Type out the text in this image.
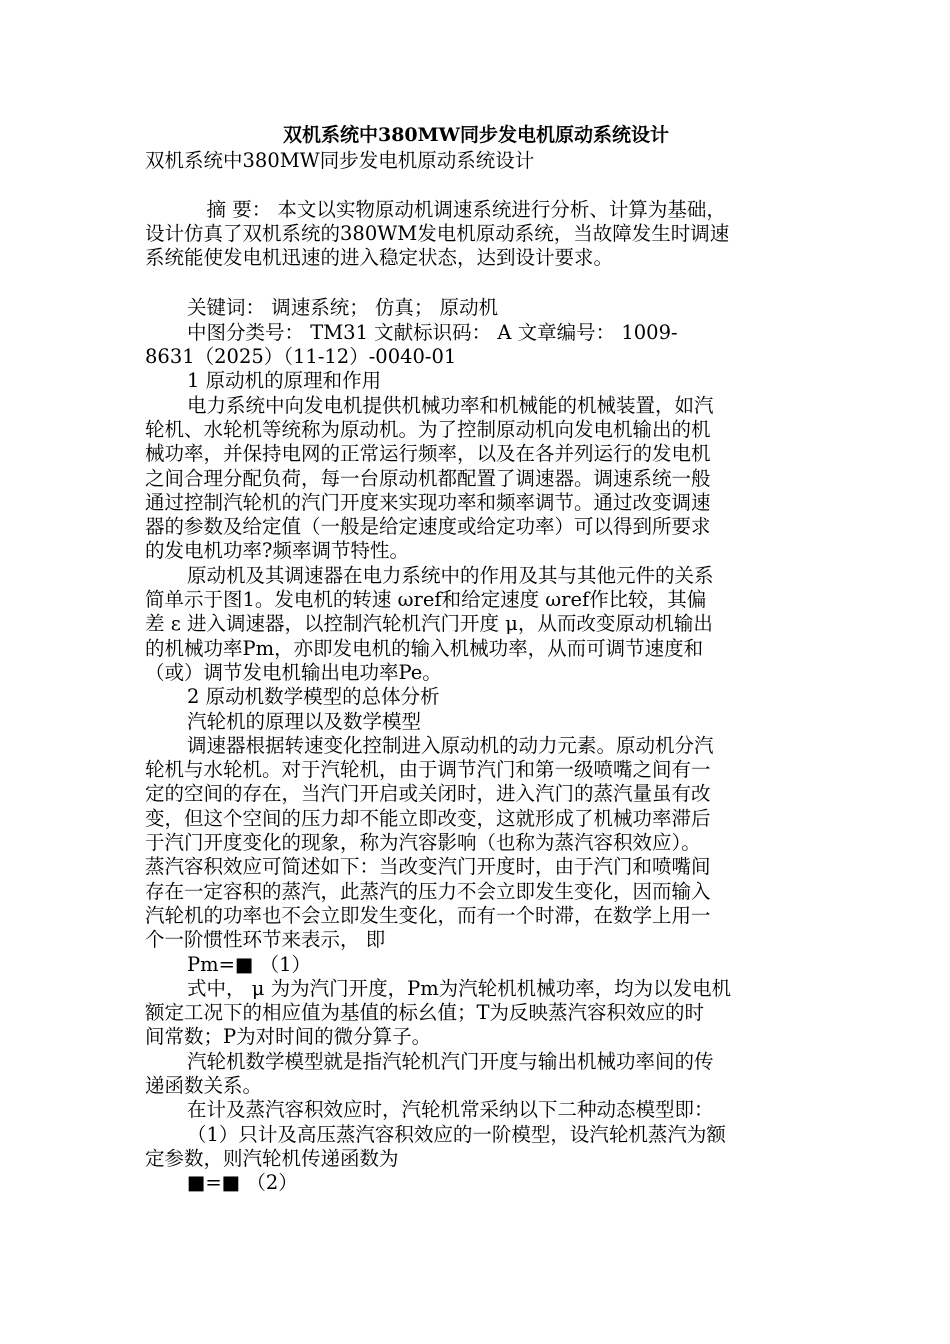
双机系统中380MW同步发电机原动系统设计
双机系统中380MW同步发电机原动系统设计
　摘 要： 本文以实物原动机调速系统进行分析、计算为基础，
设计仿真了双机系统的380WM发电机原动系统，当故障发生时调速
系统能使发电机迅速的进入稳定状态，达到设计要求。
关键词： 调速系统； 仿真； 原动机
中图分类号： TM31 文献标识码： A 文章编号： 1009-
8631（2025）（11-12）-0040-01
1 原动机的原理和作用
电力系统中向发电机提供机械功率和机械能的机械装置，如汽
轮机、水轮机等统称为原动机。为了控制原动机向发电机输出的机
械功率，并保持电网的正常运行频率，以及在各并列运行的发电机
之间合理分配负荷，每一台原动机都配置了调速器。调速系统一般
通过控制汽轮机的汽门开度来实现功率和频率调节。通过改变调速
器的参数及给定值（一般是给定速度或给定功率）可以得到所要求
的发电机功率?频率调节特性。
原动机及其调速器在电力系统中的作用及其与其他元件的关系
简单示于图1。发电机的转速 ωref和给定速度 ωref作比较，其偏
差 ε 进入调速器，以控制汽轮机汽门开度 μ，从而改变原动机输出
的机械功率Pm，亦即发电机的输入机械功率，从而可调节速度和
（或）调节发电机输出电功率Pe。
2 原动机数学模型的总体分析
汽轮机的原理以及数学模型
调速器根据转速变化控制进入原动机的动力元素。原动机分汽
轮机与水轮机。对于汽轮机，由于调节汽门和第一级喷嘴之间有一
定的空间的存在，当汽门开启或关闭时，进入汽门的蒸汽量虽有改
变，但这个空间的压力却不能立即改变，这就形成了机械功率滞后
于汽门开度变化的现象，称为汽容影响（也称为蒸汽容积效应）。
蒸汽容积效应可简述如下：当改变汽门开度时，由于汽门和喷嘴间
存在一定容积的蒸汽，此蒸汽的压力不会立即发生变化，因而输入
汽轮机的功率也不会立即发生变化，而有一个时滞，在数学上用一
个一阶惯性环节来表示， 即
Pm=■ （1）
式中， μ 为为汽门开度，Pm为汽轮机机械功率，均为以发电机
额定工况下的相应值为基值的标幺值；T为反映蒸汽容积效应的时
间常数；P为对时间的微分算子。
汽轮机数学模型就是指汽轮机汽门开度与输出机械功率间的传
递函数关系。
在计及蒸汽容积效应时，汽轮机常采纳以下二种动态模型即：
（1）只计及高压蒸汽容积效应的一阶模型，设汽轮机蒸汽为额
定参数，则汽轮机传递函数为
■=■ （2）
